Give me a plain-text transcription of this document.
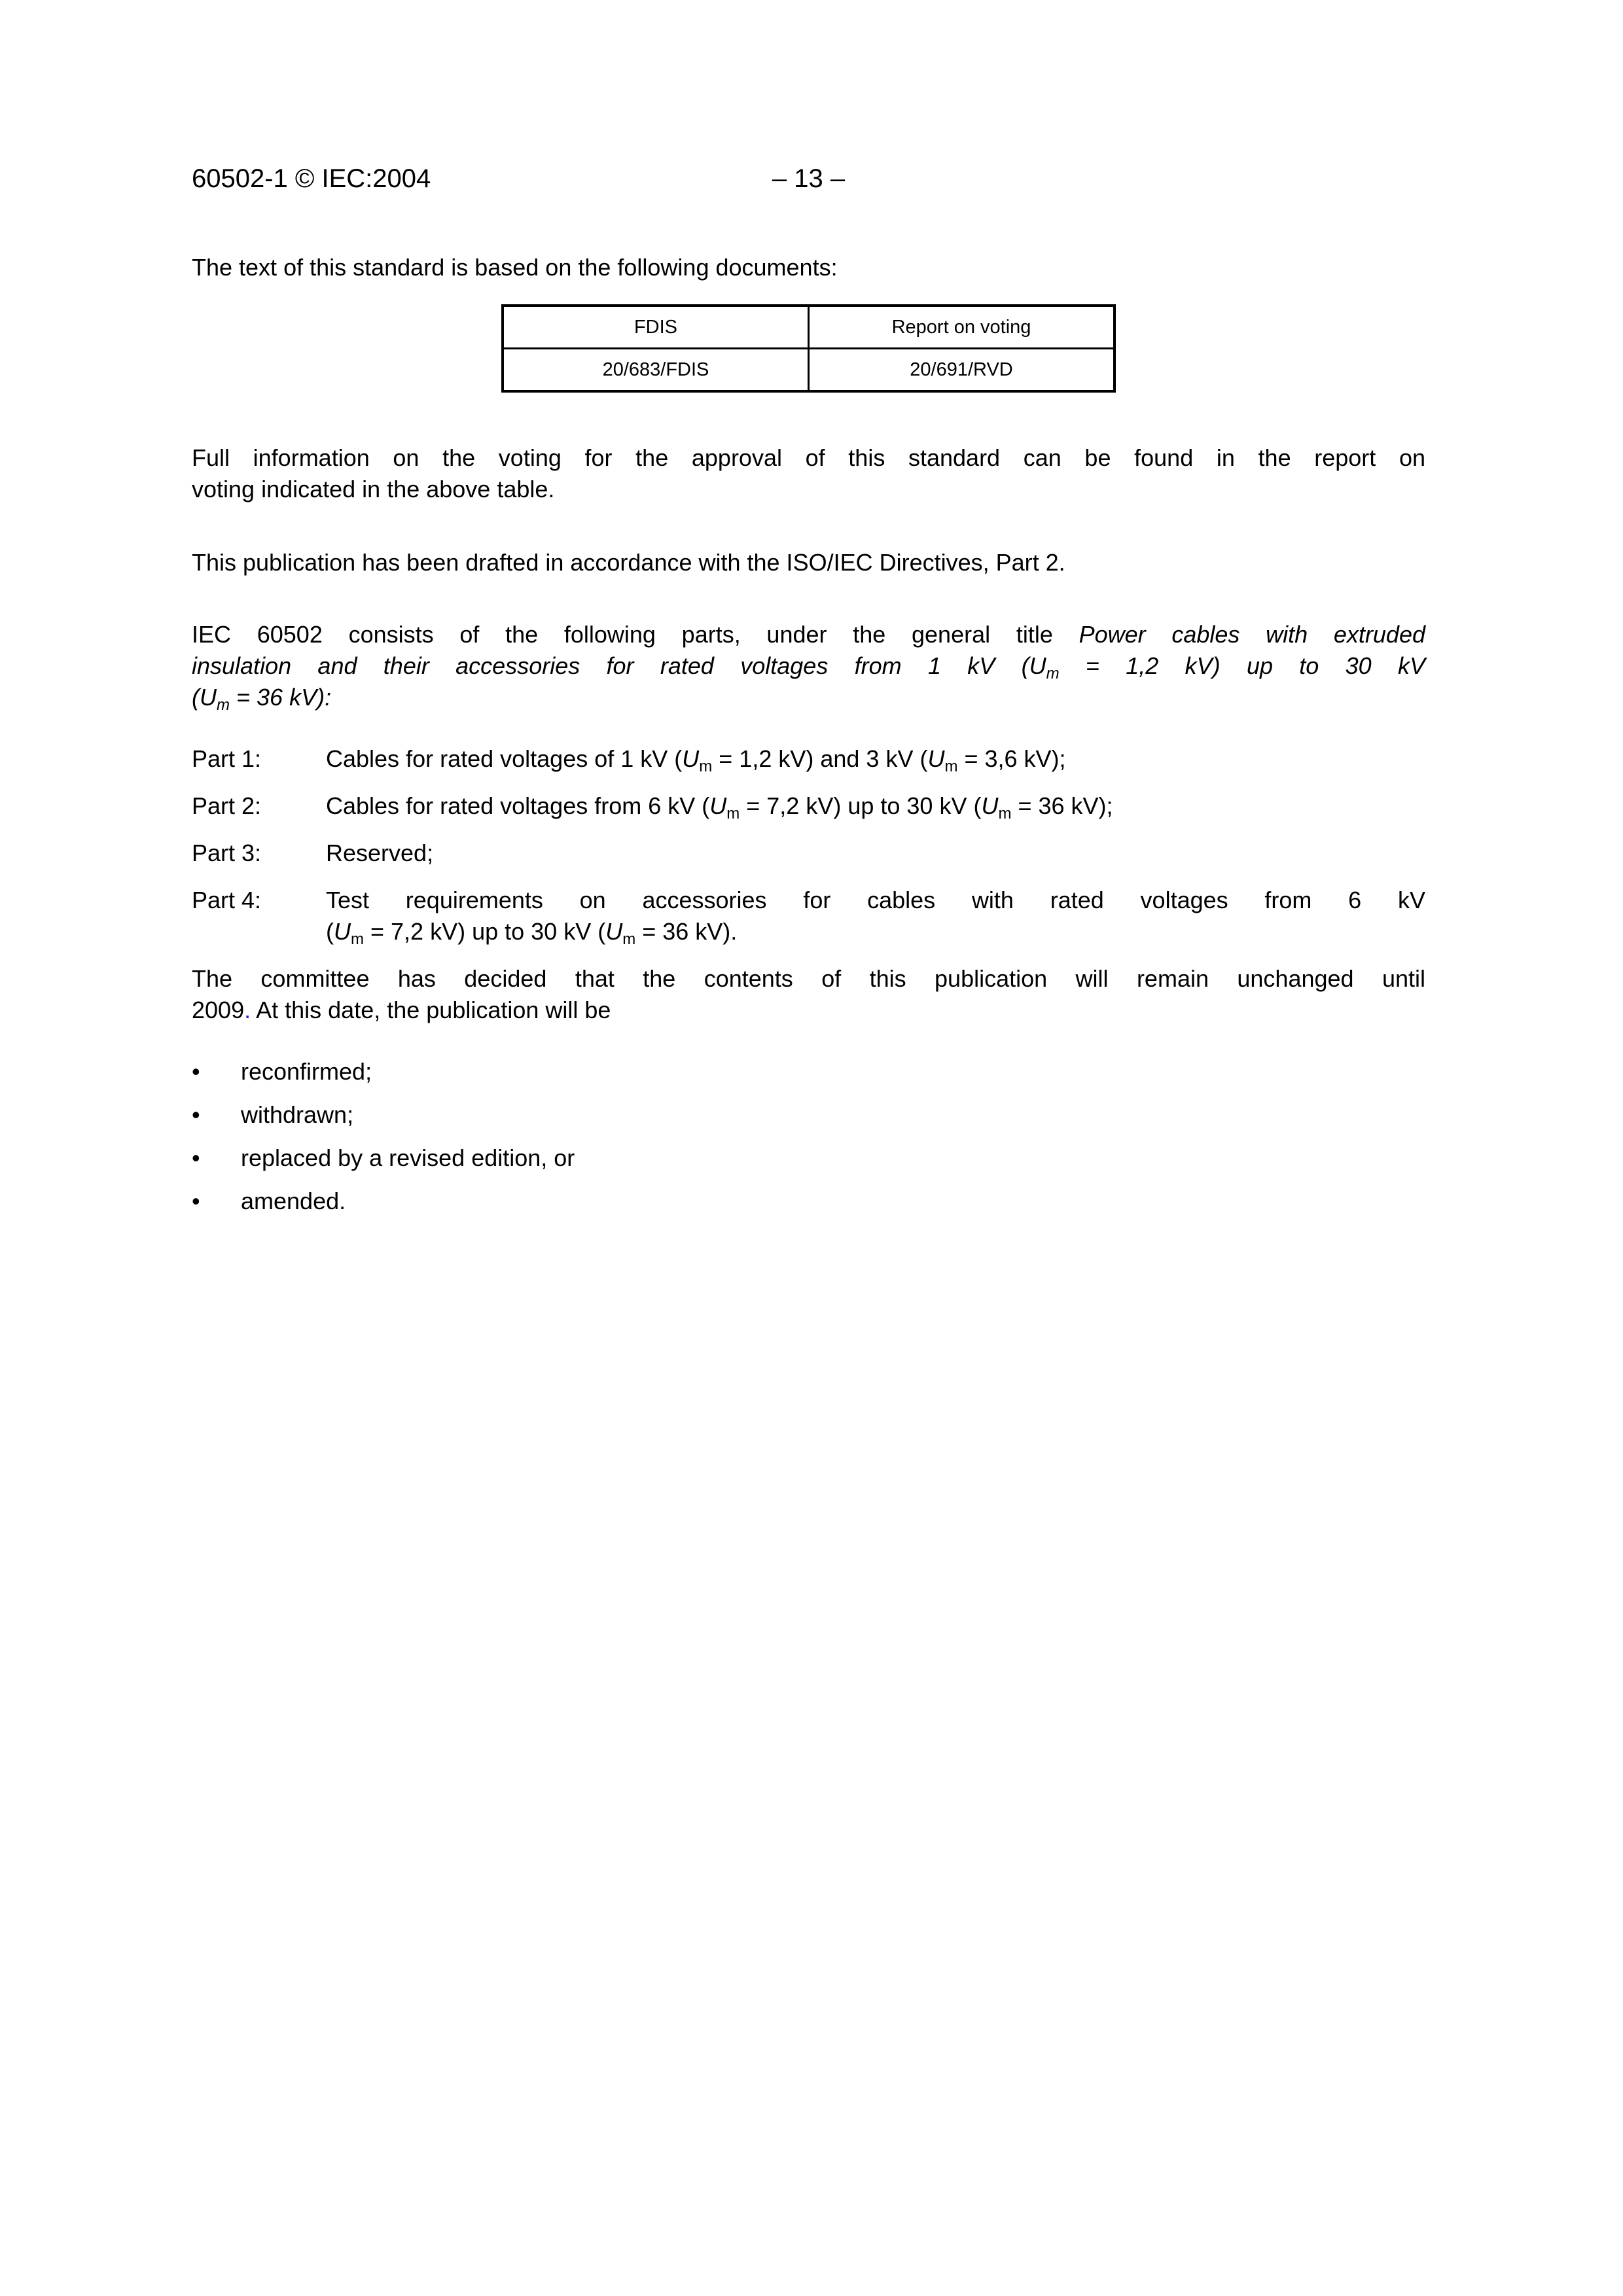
60502-1 © IEC:2004	– 13 –

The text of this standard is based on the following documents:

FDIS	Report on voting
20/683/FDIS	20/691/RVD
Full information on the voting for the approval of this standard can be found in the report on
voting indicated in the above table.

This publication has been drafted in accordance with the ISO/IEC Directives, Part 2.

IEC 60502 consists of the following parts, under the general title Power cables with extruded
insulation and their accessories for rated voltages from 1 kV ($U_m = 1,2$ kV) up to 30 kV
($U_m = 36$ kV):
Part 1:	Cables for rated voltages of 1 kV ($U_m = 1,2$ kV) and 3 kV ($U_m = 3,6$ kV);
Part 2:	Cables for rated voltages from 6 kV ($U_m = 7,2$ kV) up to 30 kV ($U_m = 36$ kV);
Part 3:	Reserved;
Part 4:	Test requirements on accessories for cables with rated voltages from 6 kV
($U_m = 7,2$ kV) up to 30 kV ($U_m = 36$ kV).
The committee has decided that the contents of this publication will remain unchanged until
2009. At this date, the publication will be
•	reconfirmed;
•	withdrawn;
•	replaced by a revised edition, or
•	amended.
